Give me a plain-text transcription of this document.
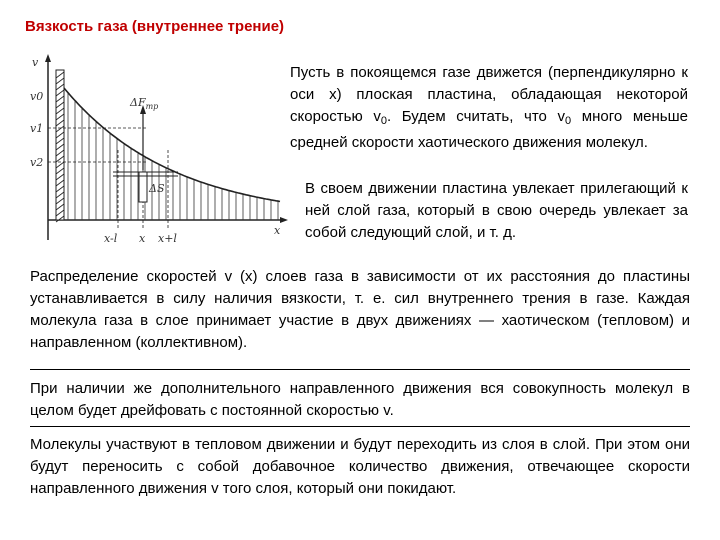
Вязкость газа (внутреннее трение)
v
x
v0
v1
v2
$\Delta F_{тр}$
ΔS
x-l x x+l

Пусть в покоящемся газе движется (перпендикулярно к оси x) плоская пластина, обладающая некоторой скоростью $v_0$. Будем считать, что $v_0$ много меньше средней скорости хаотического движения молекул.

В своем движении пластина увлекает прилегающий к ней слой газа, который в свою очередь увлекает за собой следующий слой, и т. д.

Распределение скоростей v (x) слоев газа в зависимости от их расстояния до пластины устанавливается в силу наличия вязкости, т. е. сил внутреннего трения в газе. Каждая молекула газа в слое принимает участие в двух движениях — хаотическом (тепловом) и направленном (коллективном).

При наличии же дополнительного направленного движения вся совокупность молекул в целом будет дрейфовать с постоянной скоростью v.

Молекулы участвуют в тепловом движении и будут переходить из слоя в слой. При этом они будут переносить с собой добавочное количество движения, отвечающее скорости направленного движения v того слоя, который они покидают.
